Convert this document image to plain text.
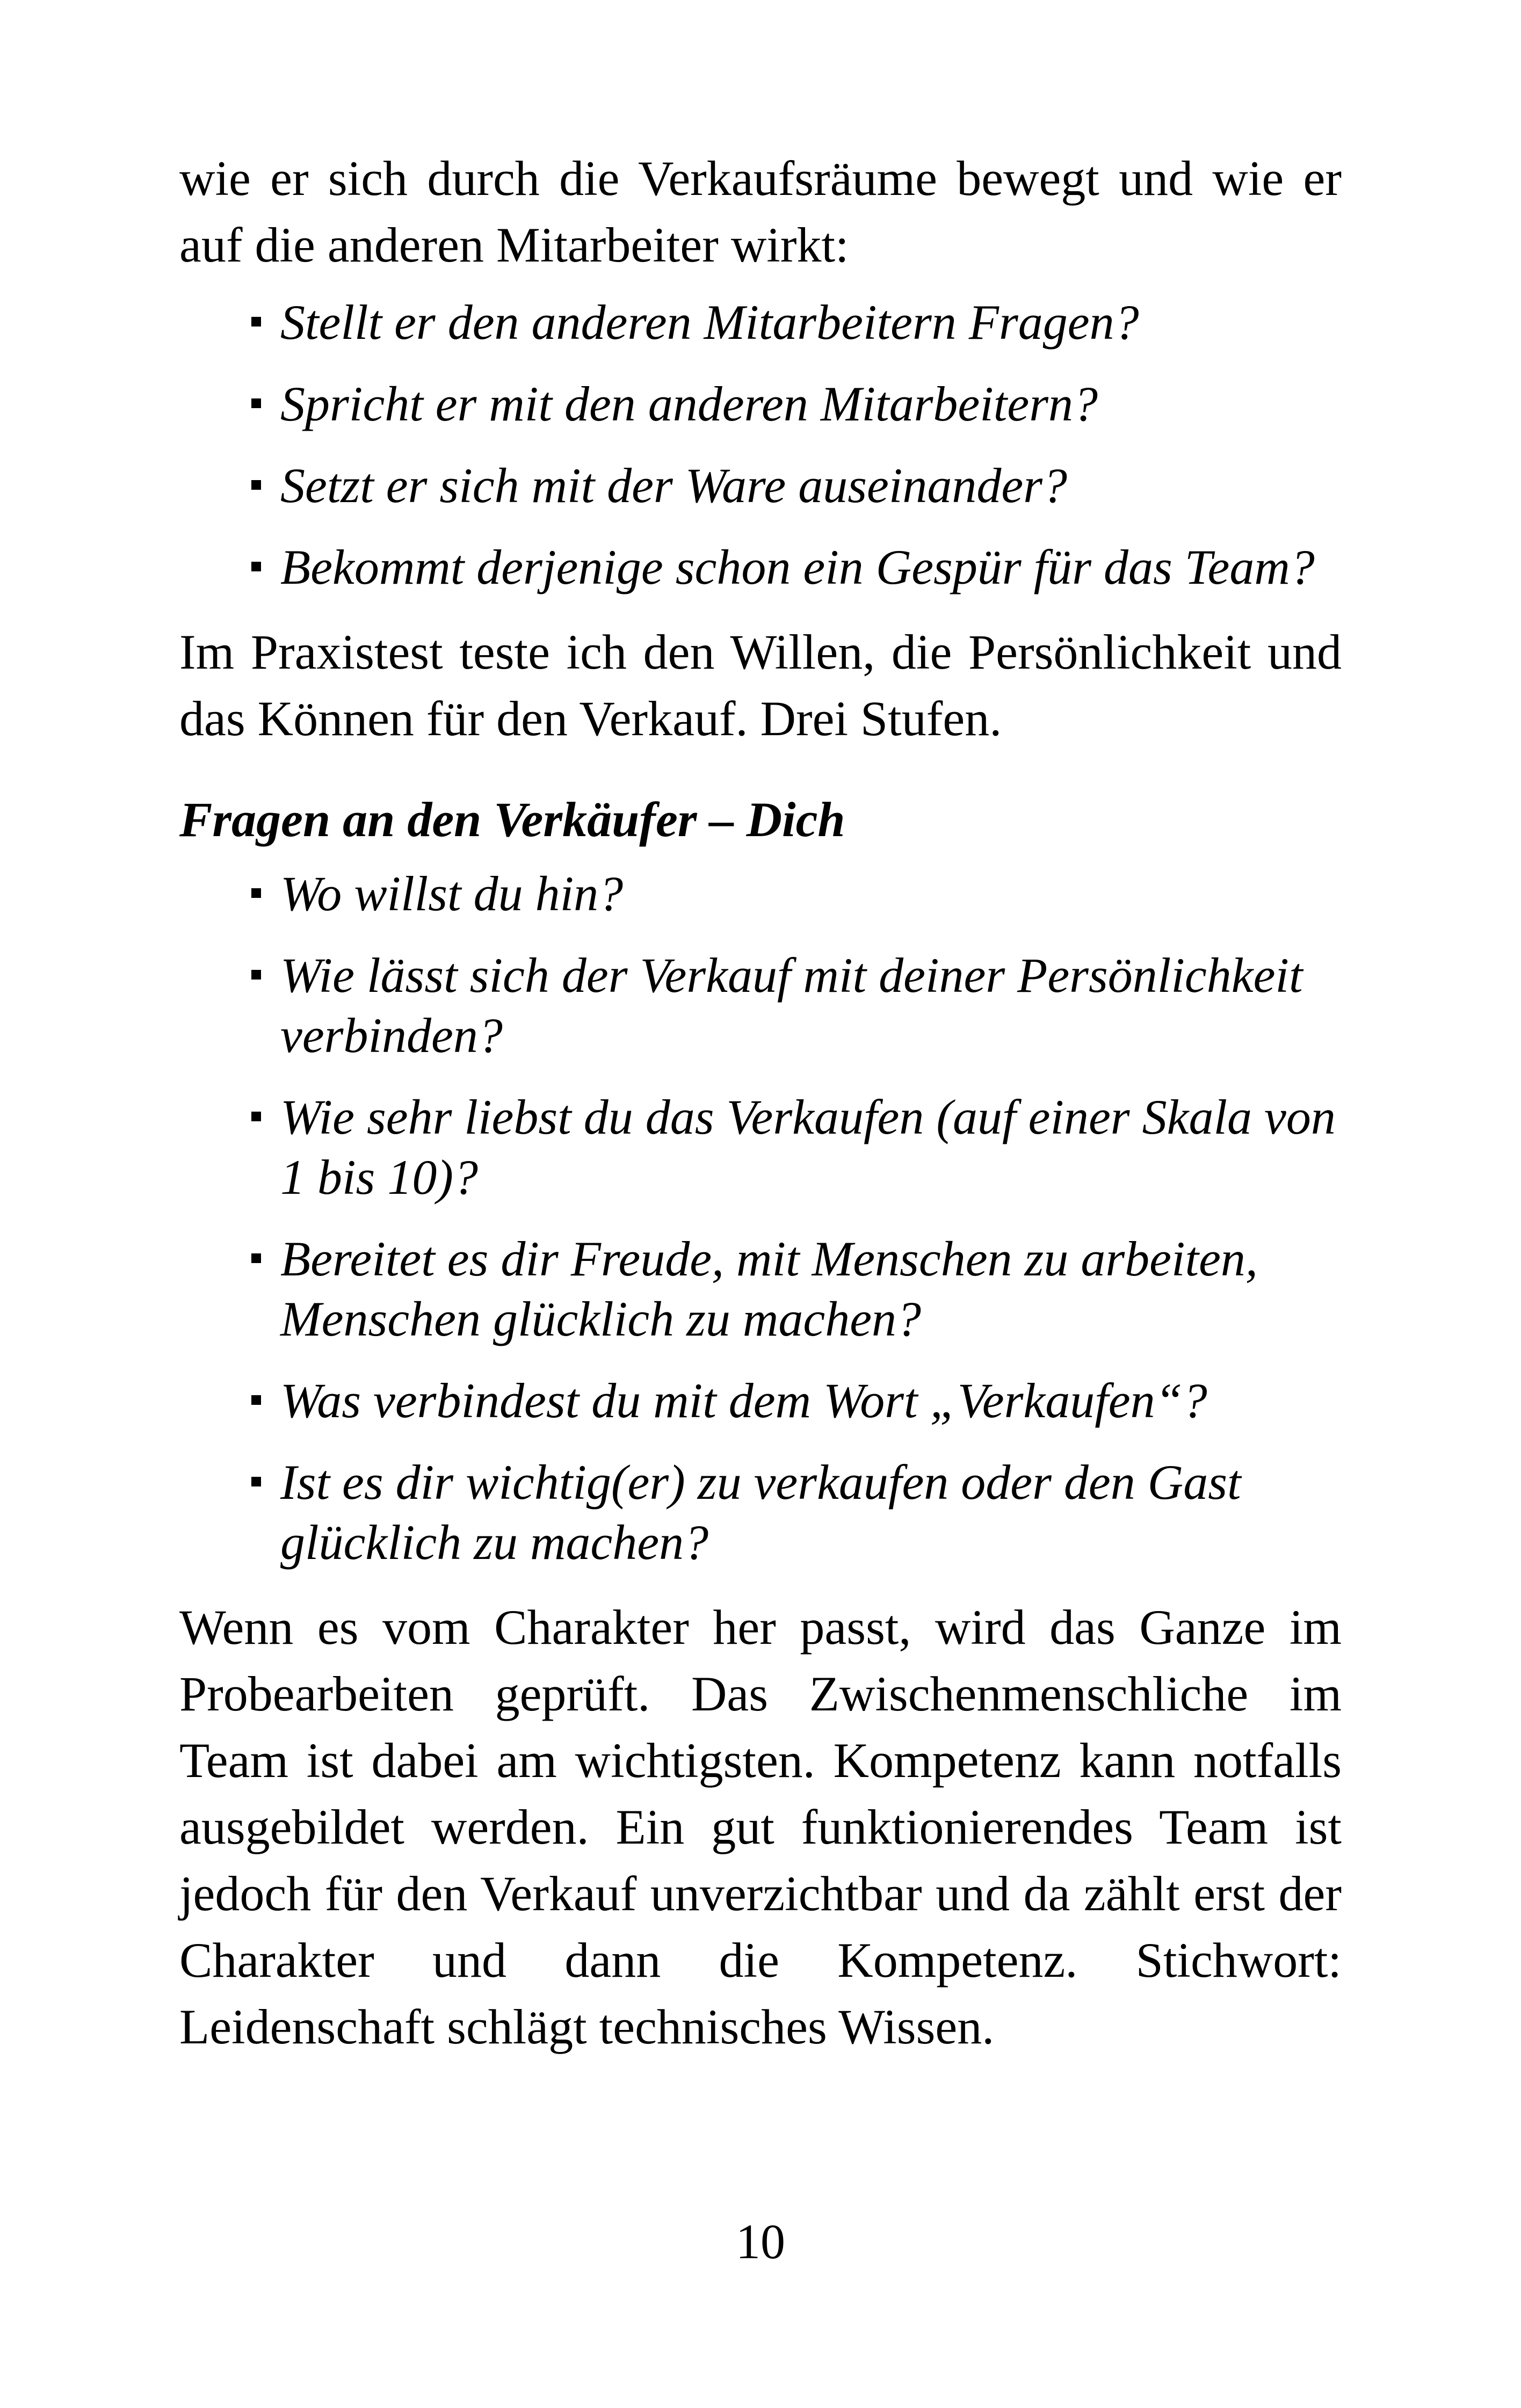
wie er sich durch die Verkaufsräume bewegt und wie er auf die anderen Mitarbeiter wirkt:

Stellt er den anderen Mitarbeitern Fragen?
Spricht er mit den anderen Mitarbeitern?
Setzt er sich mit der Ware auseinander?
Bekommt derjenige schon ein Gespür für das Team?

Im Praxistest teste ich den Willen, die Persönlichkeit und das Können für den Verkauf. Drei Stufen.

Fragen an den Verkäufer – Dich

Wo willst du hin?
Wie lässt sich der Verkauf mit deiner Persönlichkeit verbinden?
Wie sehr liebst du das Verkaufen (auf einer Skala von 1 bis 10)?
Bereitet es dir Freude, mit Menschen zu arbeiten, Menschen glücklich zu machen?
Was verbindest du mit dem Wort „Verkaufen“?
Ist es dir wichtig(er) zu verkaufen oder den Gast glücklich zu machen?

Wenn es vom Charakter her passt, wird das Ganze im Probearbeiten geprüft. Das Zwischenmenschliche im Team ist dabei am wichtigsten. Kompetenz kann notfalls ausgebildet werden. Ein gut funktionierendes Team ist jedoch für den Verkauf unverzichtbar und da zählt erst der Charakter und dann die Kompetenz. Stichwort: Leidenschaft schlägt technisches Wissen.

10
